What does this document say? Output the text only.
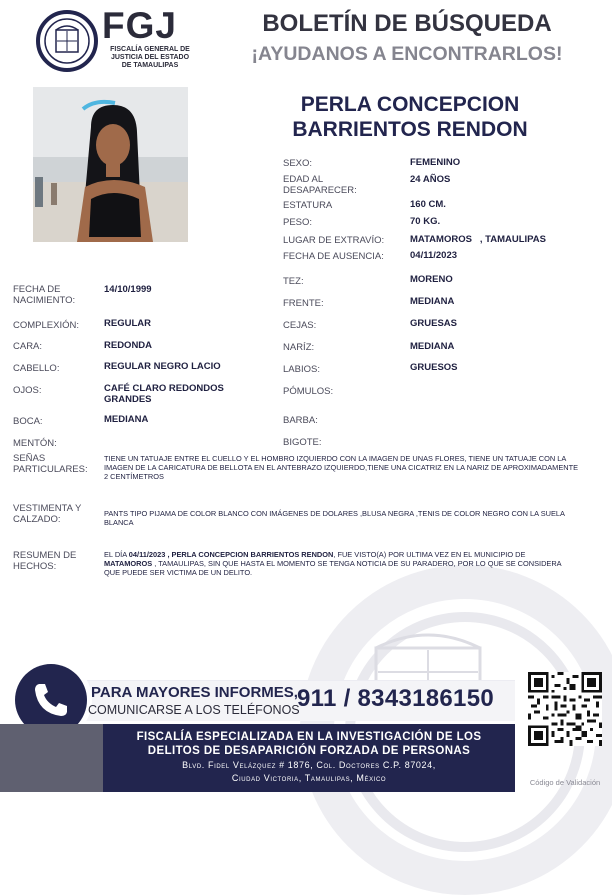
FGJ
FISCALÍA GENERAL DE
JUSTICIA DEL ESTADO
DE TAMAULIPAS
BOLETÍN DE BÚSQUEDA
¡AYUDANOS A ENCONTRARLOS!
PERLA CONCEPCION
BARRIENTOS RENDON
SEXO:	FEMENINO
EDAD AL
DESAPARECER:
24 AÑOS
ESTATURA	160 CM.
PESO:	70 KG.
LUGAR DE EXTRAVÍO:	MATAMOROS   , TAMAULIPAS
FECHA DE AUSENCIA:	04/11/2023
TEZ:	MORENO
FRENTE:	MEDIANA
CEJAS:	GRUESAS
NARÍZ:	MEDIANA
LABIOS:	GRUESOS
PÓMULOS:
BARBA:
BIGOTE:
FECHA DE
NACIMIENTO:
14/10/1999
COMPLEXIÓN:	REGULAR
CARA:	REDONDA
CABELLO:	REGULAR NEGRO LACIO
OJOS:	CAFÉ CLARO REDONDOS
GRANDES
BOCA:	MEDIANA
MENTÓN:
SEÑAS
PARTICULARES:
TIENE UN TATUAJE ENTRE EL CUELLO Y EL HOMBRO IZQUIERDO CON LA IMAGEN DE UNAS FLORES, TIENE UN TATUAJE CON LA IMAGEN DE LA CARICATURA DE BELLOTA EN EL ANTEBRAZO IZQUIERDO,TIENE UNA CICATRIZ EN LA NARIZ DE APROXIMADAMENTE 2 CENTÍMETROS
VESTIMENTA Y
CALZADO:
PANTS TIPO PIJAMA DE COLOR BLANCO CON IMÁGENES DE DOLARES ,BLUSA NEGRA ,TENIS DE COLOR NEGRO CON LA SUELA BLANCA
RESUMEN DE
HECHOS:
EL DÍA 04/11/2023 , PERLA CONCEPCION BARRIENTOS RENDON, FUE VISTO(A) POR ULTIMA VEZ EN EL MUNICIPIO DE MATAMOROS , TAMAULIPAS, SIN QUE HASTA EL MOMENTO SE TENGA NOTICIA DE SU PARADERO, POR LO QUE SE CONSIDERA QUE PUEDE SER VICTIMA DE UN DELITO.
PARA MAYORES INFORMES,
COMUNICARSE A LOS TELÉFONOS
911 / 8343186150
FISCALÍA ESPECIALIZADA EN LA INVESTIGACIÓN DE LOS
DELITOS DE DESAPARICIÓN FORZADA DE PERSONAS
Blvd. Fidel Velázquez # 1876, Col. Doctores C.P. 87024,
Ciudad Victoria, Tamaulipas, México	Código de Validación
